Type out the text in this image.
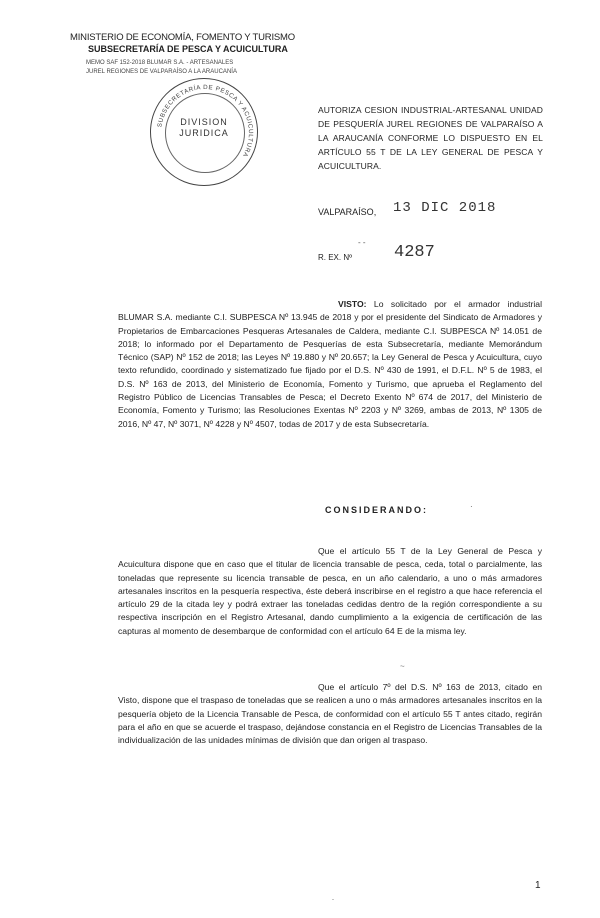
MINISTERIO DE ECONOMÍA, FOMENTO Y TURISMO
SUBSECRETARÍA DE PESCA Y ACUICULTURA
MEMO SAF 152-2018 BLUMAR S.A. - ARTESANALES
JUREL REGIONES DE VALPARAÍSO A LA ARAUCANÍA
SUBSECRETARÍA DE PESCA Y ACUICULTURA
DIVISION
JURIDICA
AUTORIZA CESION INDUSTRIAL-ARTESANAL UNIDAD DE PESQUERÍA JUREL REGIONES DE VALPARAÍSO A LA ARAUCANÍA CONFORME LO DISPUESTO EN EL ARTÍCULO 55 T DE LA LEY GENERAL DE PESCA Y ACUICULTURA.
VALPARAÍSO, 13 DIC 2018
- -
R. EX. Nº 4287
VISTO: Lo solicitado por el armador industrial BLUMAR S.A. mediante C.I. SUBPESCA Nº 13.945 de 2018 y por el presidente del Sindicato de Armadores y Propietarios de Embarcaciones Pesqueras Artesanales de Caldera, mediante C.I. SUBPESCA Nº 14.051 de 2018; lo informado por el Departamento de Pesquerías de esta Subsecretaría, mediante Memorándum Técnico (SAP) Nº 152 de 2018; las Leyes Nº 19.880 y Nº 20.657; la Ley General de Pesca y Acuicultura, cuyo texto refundido, coordinado y sistematizado fue fijado por el D.S. Nº 430 de 1991, el D.F.L. Nº 5 de 1983, el D.S. Nº 163 de 2013, del Ministerio de Economía, Fomento y Turismo, que aprueba el Reglamento del Registro Público de Licencias Transables de Pesca; el Decreto Exento Nº 674 de 2017, del Ministerio de Economía, Fomento y Turismo; las Resoluciones Exentas Nº 2203 y Nº 3269, ambas de 2013, Nº 1305 de 2016, Nº 47, Nº 3071, Nº 4228 y Nº 4507, todas de 2017 y de esta Subsecretaría.
CONSIDERANDO:	·
Que el artículo 55 T de la Ley General de Pesca y Acuicultura dispone que en caso que el titular de licencia transable de pesca, ceda, total o parcialmente, las toneladas que represente su licencia transable de pesca, en un año calendario, a uno o más armadores artesanales inscritos en la pesquería respectiva, éste deberá inscribirse en el registro a que hace referencia el artículo 29 de la citada ley y podrá extraer las toneladas cedidas dentro de la región correspondiente a su respectiva inscripción en el Registro Artesanal, dando cumplimiento a la exigencia de certificación de las capturas al momento de desembarque de conformidad con el artículo 64 E de la misma ley.
~
Que el artículo 7º del D.S. Nº 163 de 2013, citado en Visto, dispone que el traspaso de toneladas que se realicen a uno o más armadores artesanales inscritos en la pesquería objeto de la Licencia Transable de Pesca, de conformidad con el artículo 55 T antes citado, regirán para el año en que se acuerde el traspaso, dejándose constancia en el Registro de Licencias Transables de la individualización de las unidades mínimas de división que dan origen al traspaso.
1
-
